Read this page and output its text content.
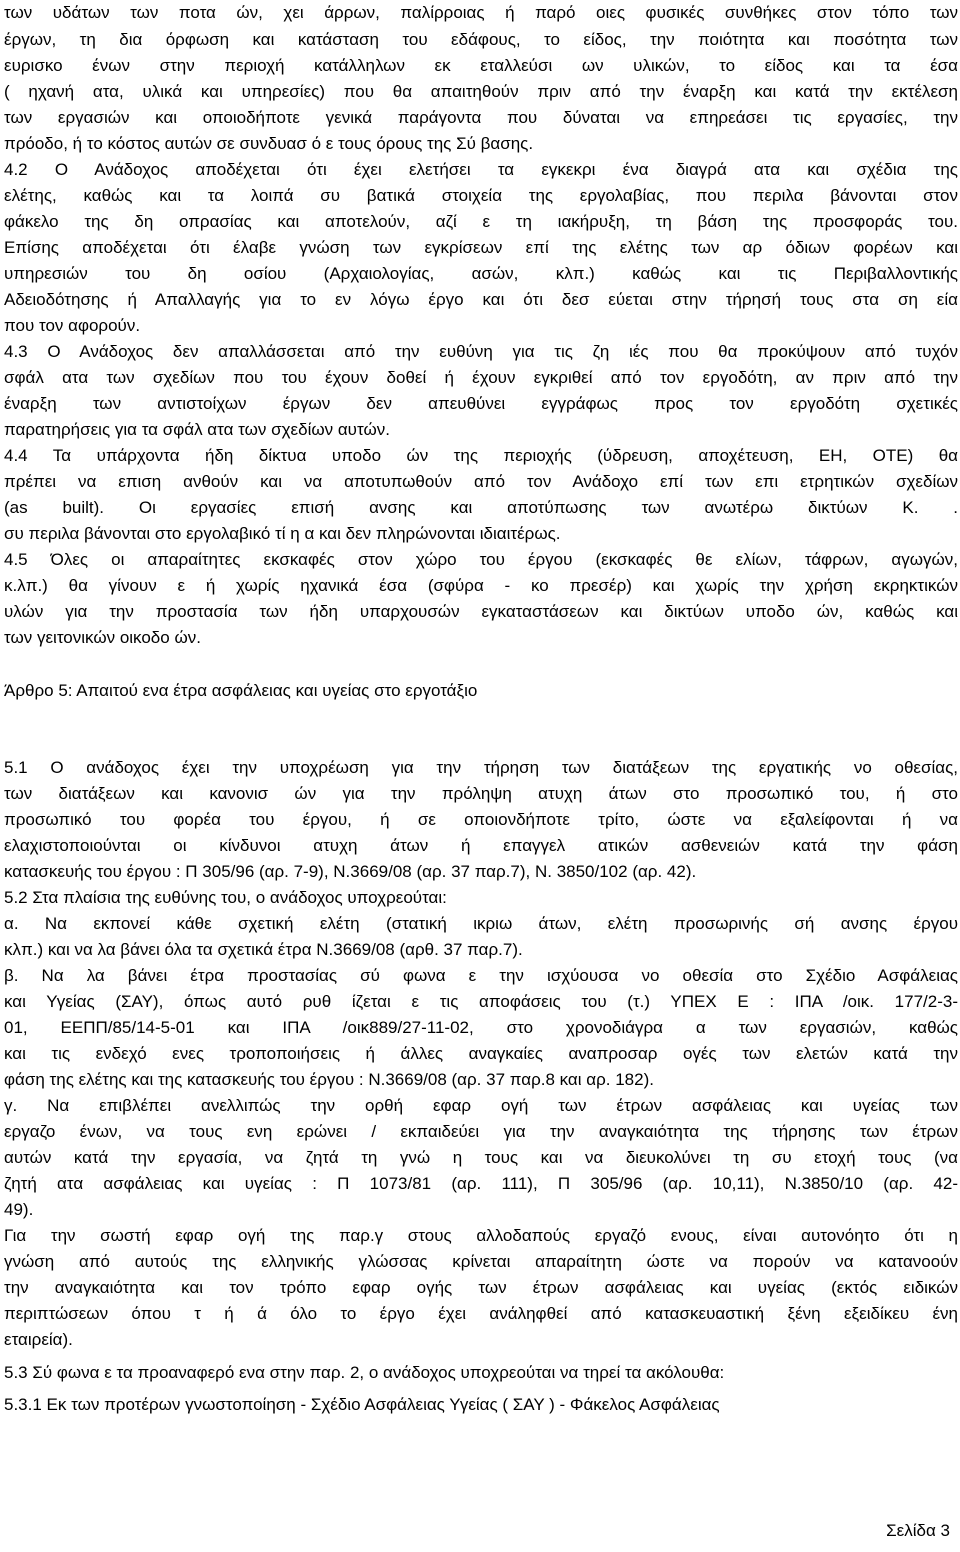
των υδάτων των ποτα ών, χει άρρων, παλίρροιας ή παρό οιες φυσικές συνθήκες στον τόπο των
έργων, τη δια όρφωση και κατάσταση του εδάφους, το είδος, την ποιότητα και ποσότητα των
ευρισκο ένων στην περιοχή κατάλληλων εκ εταλλεύσι ων υλικών, το είδος και τα έσα
( ηχανή ατα, υλικά και υπηρεσίες) που θα απαιτηθούν πριν από την έναρξη και κατά την εκτέλεση
των εργασιών και οποιοδήποτε γενικά παράγοντα που δύναται να επηρεάσει τις εργασίες, την
πρόοδο, ή το κόστος αυτών σε συνδυασ ό ε τους όρους της Σύ βασης.
4.2 Ο Ανάδοχος αποδέχεται ότι έχει ελετήσει τα εγκεκρι ένα διαγρά ατα και σχέδια της
ελέτης, καθώς και τα λοιπά συ βατικά στοιχεία της εργολαβίας, που περιλα βάνονται στον
φάκελο της δη οπρασίας και αποτελούν, αζί ε τη ιακήρυξη, τη βάση της προσφοράς του.
Επίσης αποδέχεται ότι έλαβε γνώση των εγκρίσεων επί της ελέτης των αρ όδιων φορέων και
υπηρεσιών του δη οσίου (Αρχαιολογίας, ασών, κλπ.) καθώς και τις Περιβαλλοντικής
Αδειοδότησης ή Απαλλαγής για το εν λόγω έργο και ότι δεσ εύεται στην τήρησή τους στα ση εία
που τον αφορούν.
4.3 Ο Ανάδοχος δεν απαλλάσσεται από την ευθύνη για τις ζη ιές που θα προκύψουν από τυχόν
σφάλ ατα των σχεδίων που του έχουν δοθεί ή έχουν εγκριθεί από τον εργοδότη, αν πριν από την
έναρξη των αντιστοίχων έργων δεν απευθύνει εγγράφως προς τον εργοδότη σχετικές
παρατηρήσεις για τα σφάλ ατα των σχεδίων αυτών.
4.4 Τα υπάρχοντα ήδη δίκτυα υποδο ών της περιοχής (ύδρευση, αποχέτευση, ΕΗ, ΟΤΕ) θα
πρέπει να επιση ανθούν και να αποτυπωθούν από τον Ανάδοχο επί των επι ετρητικών σχεδίων
(as built). Οι εργασίες επισή ανσης και αποτύπωσης των ανωτέρω δικτύων Κ. .
συ περιλα βάνονται στο εργολαβικό τί η α και δεν πληρώνονται ιδιαιτέρως.
4.5 Όλες οι απαραίτητες εκσκαφές στον χώρο του έργου (εκσκαφές θε ελίων, τάφρων, αγωγών,
κ.λπ.) θα γίνουν ε ή χωρίς ηχανικά έσα (σφύρα - κο πρεσέρ) και χωρίς την χρήση εκρηκτικών
υλών για την προστασία των ήδη υπαρχουσών εγκαταστάσεων και δικτύων υποδο ών, καθώς και
των γειτονικών οικοδο ών.
Άρθρο 5: Απαιτού ενα έτρα ασφάλειας και υγείας στο εργοτάξιο
5.1 Ο ανάδοχος έχει την υποχρέωση για την τήρηση των διατάξεων της εργατικής νο οθεσίας,
των διατάξεων και κανονισ ών για την πρόληψη ατυχη άτων στο προσωπικό του, ή στο
προσωπικό του φορέα του έργου, ή σε οποιονδήποτε τρίτο, ώστε να εξαλείφονται ή να
ελαχιστοποιούνται οι κίνδυνοι ατυχη άτων ή επαγγελ ατικών ασθενειών κατά την φάση
κατασκευής του έργου : Π 305/96 (αρ. 7-9), Ν.3669/08 (αρ. 37 παρ.7), Ν. 3850/102 (αρ. 42).
5.2 Στα πλαίσια της ευθύνης του, ο ανάδοχος υποχρεούται:
α. Να εκπονεί κάθε σχετική ελέτη (στατική ικριω άτων, ελέτη προσωρινής σή ανσης έργου
κλπ.) και να λα βάνει όλα τα σχετικά έτρα Ν.3669/08 (αρθ. 37 παρ.7).
β. Να λα βάνει έτρα προστασίας σύ φωνα ε την ισχύουσα νο οθεσία στο Σχέδιο Ασφάλειας
και Υγείας (ΣΑΥ), όπως αυτό ρυθ ίζεται ε τις αποφάσεις του (τ.) ΥΠΕΧ Ε : ΙΠΑ /οικ. 177/2-3-
01, ΕΕΠΠ/85/14-5-01 και ΙΠΑ /οικ889/27-11-02, στο χρονοδιάγρα α των εργασιών, καθώς
και τις ενδεχό ενες τροποποιήσεις ή άλλες αναγκαίες αναπροσαρ ογές των ελετών κατά την
φάση της ελέτης και της κατασκευής του έργου : Ν.3669/08 (αρ. 37 παρ.8 και αρ. 182).
γ. Να επιβλέπει ανελλιπώς την ορθή εφαρ ογή των έτρων ασφάλειας και υγείας των
εργαζο ένων, να τους ενη ερώνει / εκπαιδεύει για την αναγκαιότητα της τήρησης των έτρων
αυτών κατά την εργασία, να ζητά τη γνώ η τους και να διευκολύνει τη συ ετοχή τους (να
ζητή ατα ασφάλειας και υγείας : Π 1073/81 (αρ. 111), Π 305/96 (αρ. 10,11), Ν.3850/10 (αρ. 42-
49).
Για την σωστή εφαρ ογή της παρ.γ στους αλλοδαπούς εργαζό ενους, είναι αυτονόητο ότι η
γνώση από αυτούς της ελληνικής γλώσσας κρίνεται απαραίτητη ώστε να πορούν να κατανοούν
την αναγκαιότητα και τον τρόπο εφαρ ογής των έτρων ασφάλειας και υγείας (εκτός ειδικών
περιπτώσεων όπου τ ή ά όλο το έργο έχει ανάληφθεί από κατασκευαστική ξένη εξειδίκευ ένη
εταιρεία).
5.3 Σύ φωνα ε τα προαναφερό ενα στην παρ. 2, ο ανάδοχος υποχρεούται να τηρεί τα ακόλουθα:
5.3.1 Εκ των προτέρων γνωστοποίηση - Σχέδιο Ασφάλειας Υγείας ( ΣΑΥ ) - Φάκελος Ασφάλειας
Σελίδα 3
